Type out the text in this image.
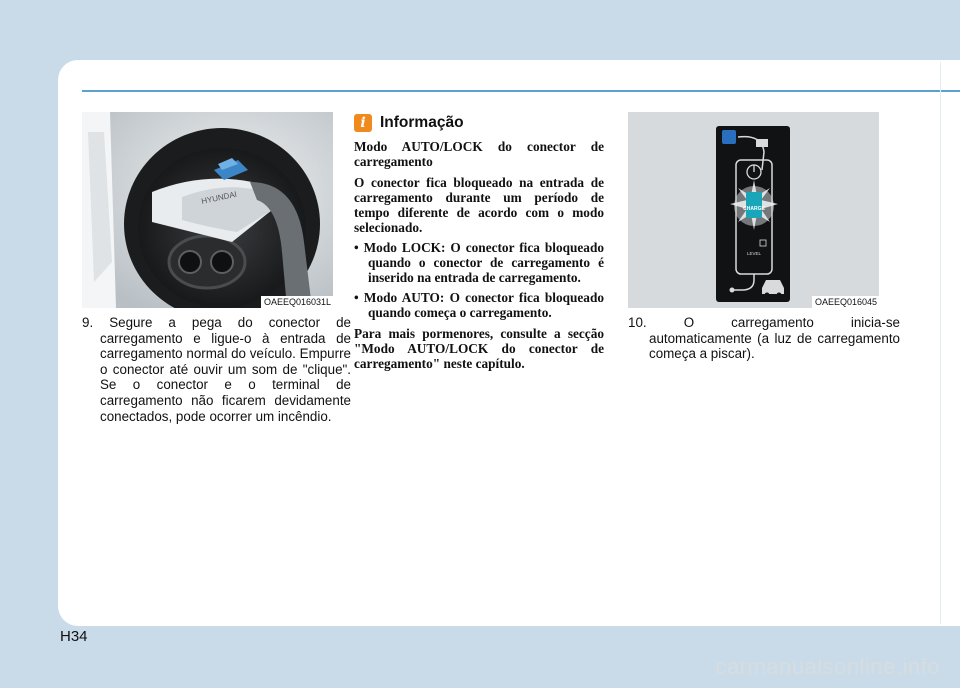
HYUNDAI
OAEEQ016031L
9. Segure a pega do conector de carregamento e ligue-o à entrada de carregamento normal do veículo. Empurre o conector até ouvir um som de "clique". Se o conector e o terminal de carregamento não ficarem devidamente conectados, pode ocorrer um incêndio.
i Informação

Modo AUTO/LOCK do conector de carregamento

O conector fica bloqueado na entrada de carregamento durante um período de tempo diferente de acordo com o modo selecionado.

• Modo LOCK: O conector fica bloqueado quando o conector de carregamento é inserido na entrada de carregamento.
• Modo AUTO: O conector fica bloqueado quando começa o carregamento.

Para mais pormenores, consulte a secção "Modo AUTO/LOCK do conector de carregamento" neste capítulo.

CHARGE
LEVEL
OAEEQ016045
10. O carregamento inicia-se automaticamente (a luz de carregamento começa a piscar).
H34
carmanualsonline.info
